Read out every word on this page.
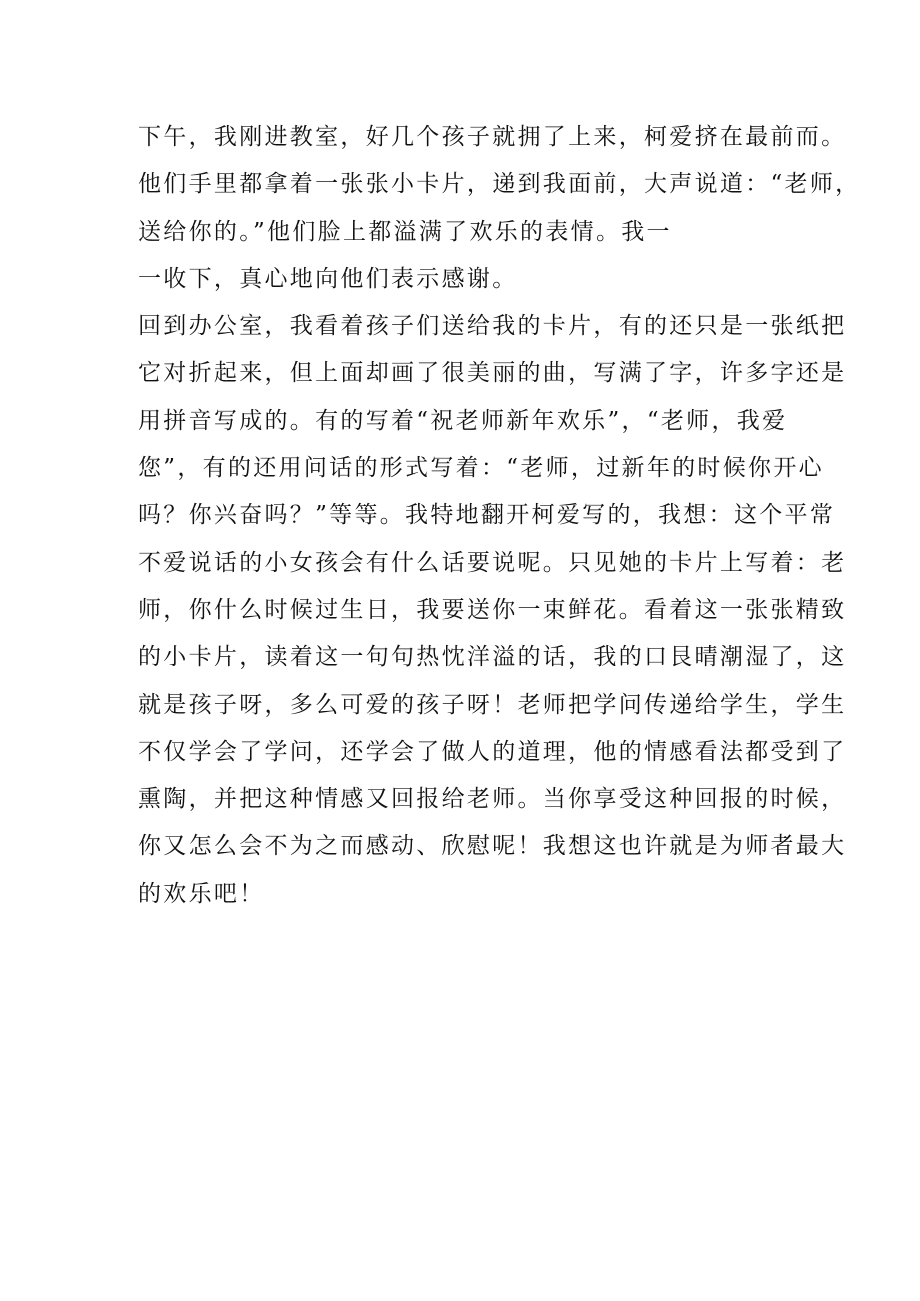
下午，我刚进教室，好几个孩子就拥了上来，柯爱挤在最前而。
他们手里都拿着一张张小卡片，递到我面前，大声说道：“老师，
送给你的。”他们脸上都溢满了欢乐的表情。我一
一收下，真心地向他们表示感谢。
回到办公室，我看着孩子们送给我的卡片，有的还只是一张纸把
它对折起来，但上面却画了很美丽的曲，写满了字，许多字还是
用拼音写成的。有的写着“祝老师新年欢乐”，“老师，我爱
您”，有的还用问话的形式写着：“老师，过新年的时候你开心
吗？你兴奋吗？”等等。我特地翻开柯爱写的，我想：这个平常
不爱说话的小女孩会有什么话要说呢。只见她的卡片上写着：老
师，你什么时候过生日，我要送你一束鲜花。看着这一张张精致
的小卡片，读着这一句句热忱洋溢的话，我的口艮晴潮湿了，这
就是孩子呀，多么可爱的孩子呀！老师把学问传递给学生，学生
不仅学会了学问，还学会了做人的道理，他的情感看法都受到了
熏陶，并把这种情感又回报给老师。当你享受这种回报的时候，
你又怎么会不为之而感动、欣慰呢！我想这也许就是为师者最大
的欢乐吧！
